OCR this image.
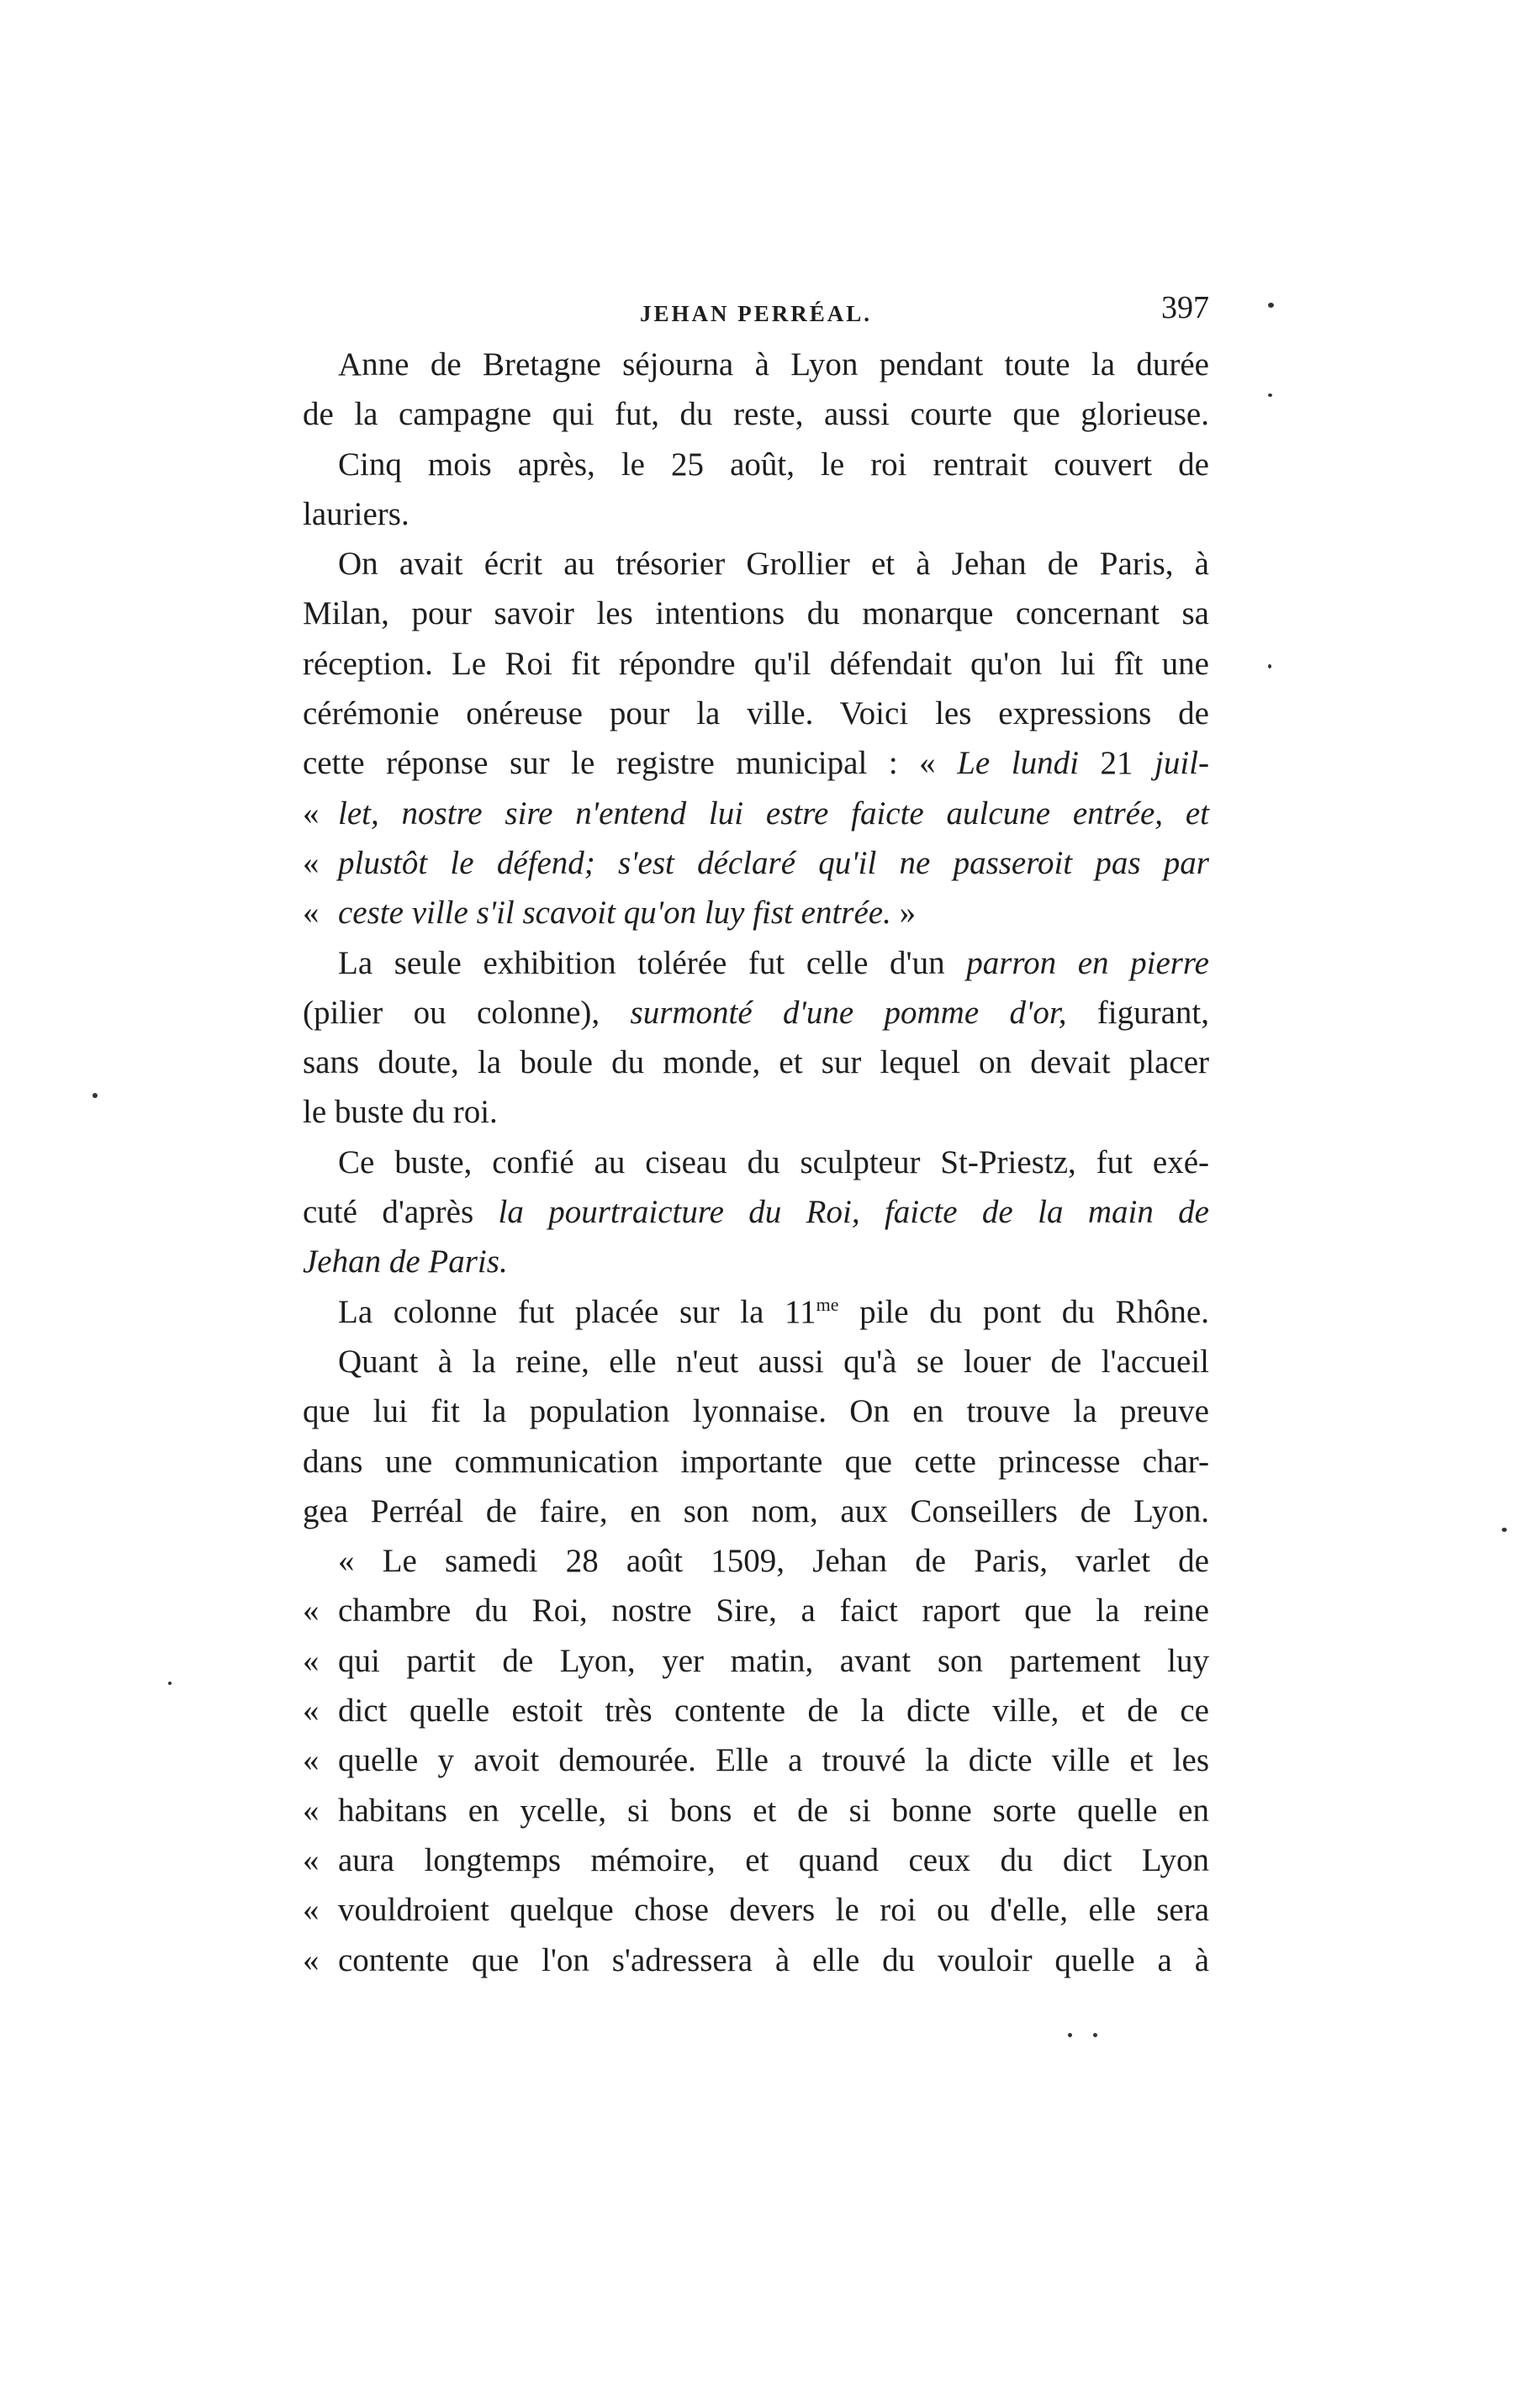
JEHAN PERRÉAL.	397
Anne de Bretagne séjourna à Lyon pendant toute la durée
de la campagne qui fut, du reste, aussi courte que glorieuse.
Cinq mois après, le 25 août, le roi rentrait couvert de
lauriers.
On avait écrit au trésorier Grollier et à Jehan de Paris, à
Milan, pour savoir les intentions du monarque concernant sa
réception. Le Roi fit répondre qu'il défendait qu'on lui fît une
cérémonie onéreuse pour la ville. Voici les expressions de
cette réponse sur le registre municipal : « Le lundi 21 juil-
« let, nostre sire n'entend lui estre faicte aulcune entrée, et
« plustôt le défend; s'est déclaré qu'il ne passeroit pas par
« ceste ville s'il scavoit qu'on luy fist entrée. »
La seule exhibition tolérée fut celle d'un parron en pierre
(pilier ou colonne), surmonté d'une pomme d'or, figurant,
sans doute, la boule du monde, et sur lequel on devait placer
le buste du roi.
Ce buste, confié au ciseau du sculpteur St-Priestz, fut exé-
cuté d'après la pourtraicture du Roi, faicte de la main de
Jehan de Paris.
La colonne fut placée sur la $11^{me}$ pile du pont du Rhône.
Quant à la reine, elle n'eut aussi qu'à se louer de l'accueil
que lui fit la population lyonnaise. On en trouve la preuve
dans une communication importante que cette princesse char-
gea Perréal de faire, en son nom, aux Conseillers de Lyon.
« Le samedi 28 août 1509, Jehan de Paris, varlet de
« chambre du Roi, nostre Sire, a faict raport que la reine
« qui partit de Lyon, yer matin, avant son partement luy
« dict quelle estoit très contente de la dicte ville, et de ce
« quelle y avoit demourée. Elle a trouvé la dicte ville et les
« habitans en ycelle, si bons et de si bonne sorte quelle en
« aura longtemps mémoire, et quand ceux du dict Lyon
« vouldroient quelque chose devers le roi ou d'elle, elle sera
« contente que l'on s'adressera à elle du vouloir quelle a à
